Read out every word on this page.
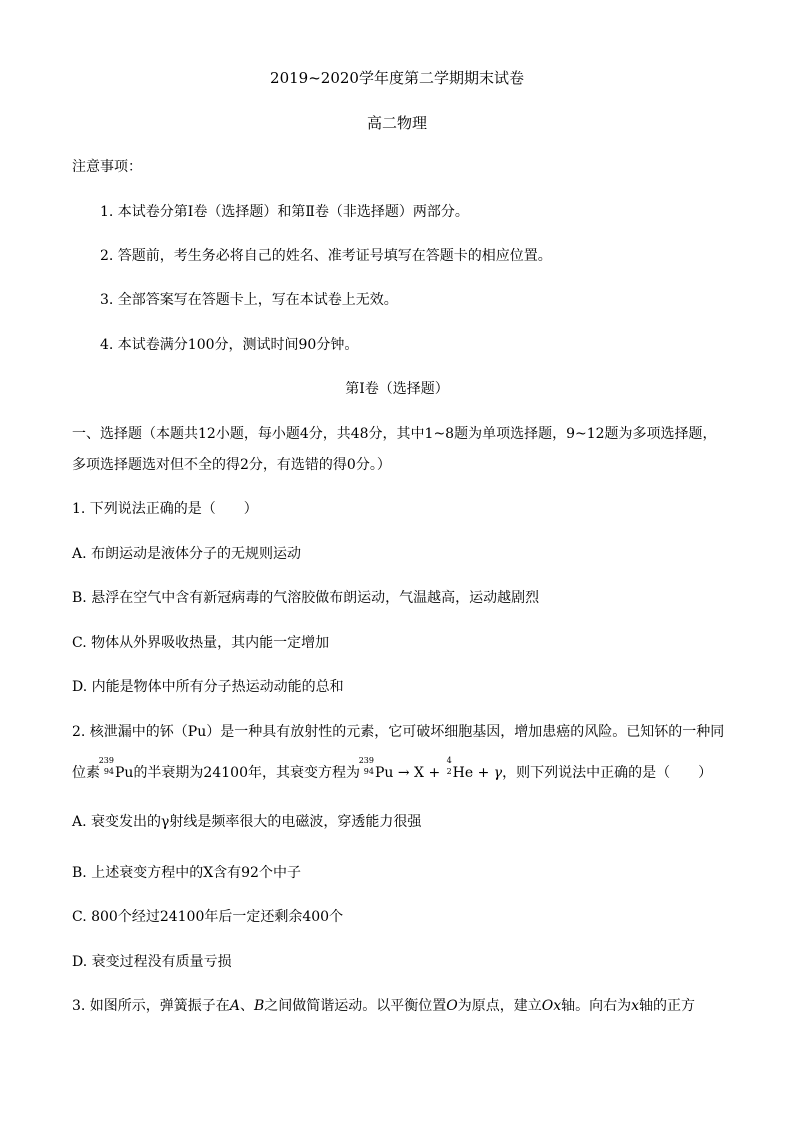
2019~2020学年度第二学期期末试卷
高二物理
注意事项：
1. 本试卷分第Ⅰ卷（选择题）和第Ⅱ卷（非选择题）两部分。
2. 答题前，考生务必将自己的姓名、准考证号填写在答题卡的相应位置。
3. 全部答案写在答题卡上，写在本试卷上无效。
4. 本试卷满分100分，测试时间90分钟。
第Ⅰ卷（选择题）
一、选择题（本题共12小题，每小题4分，共48分，其中1~8题为单项选择题，9~12题为多项选择题，
多项选择题选对但不全的得2分，有选错的得0分。）
1. 下列说法正确的是（　　）
A. 布朗运动是液体分子的无规则运动
B. 悬浮在空气中含有新冠病毒的气溶胶做布朗运动，气温越高，运动越剧烈
C. 物体从外界吸收热量，其内能一定增加
D. 内能是物体中所有分子热运动动能的总和
2. 核泄漏中的钚（Pu）是一种具有放射性的元素，它可破坏细胞基因，增加患癌的风险。已知钚的一种同
位素
239
94 Pu的半衰期为24100年，其衰变方程为
239
94 Pu → X +
4
2 He + γ，则下列说法中正确的是（　　）
A. 衰变发出的γ射线是频率很大的电磁波，穿透能力很强
B. 上述衰变方程中的X含有92个中子
C. 800个经过24100年后一定还剩余400个
D. 衰变过程没有质量亏损
3. 如图所示，弹簧振子在A、B之间做简谐运动。以平衡位置O为原点，建立Ox轴。向右为x轴的正方
